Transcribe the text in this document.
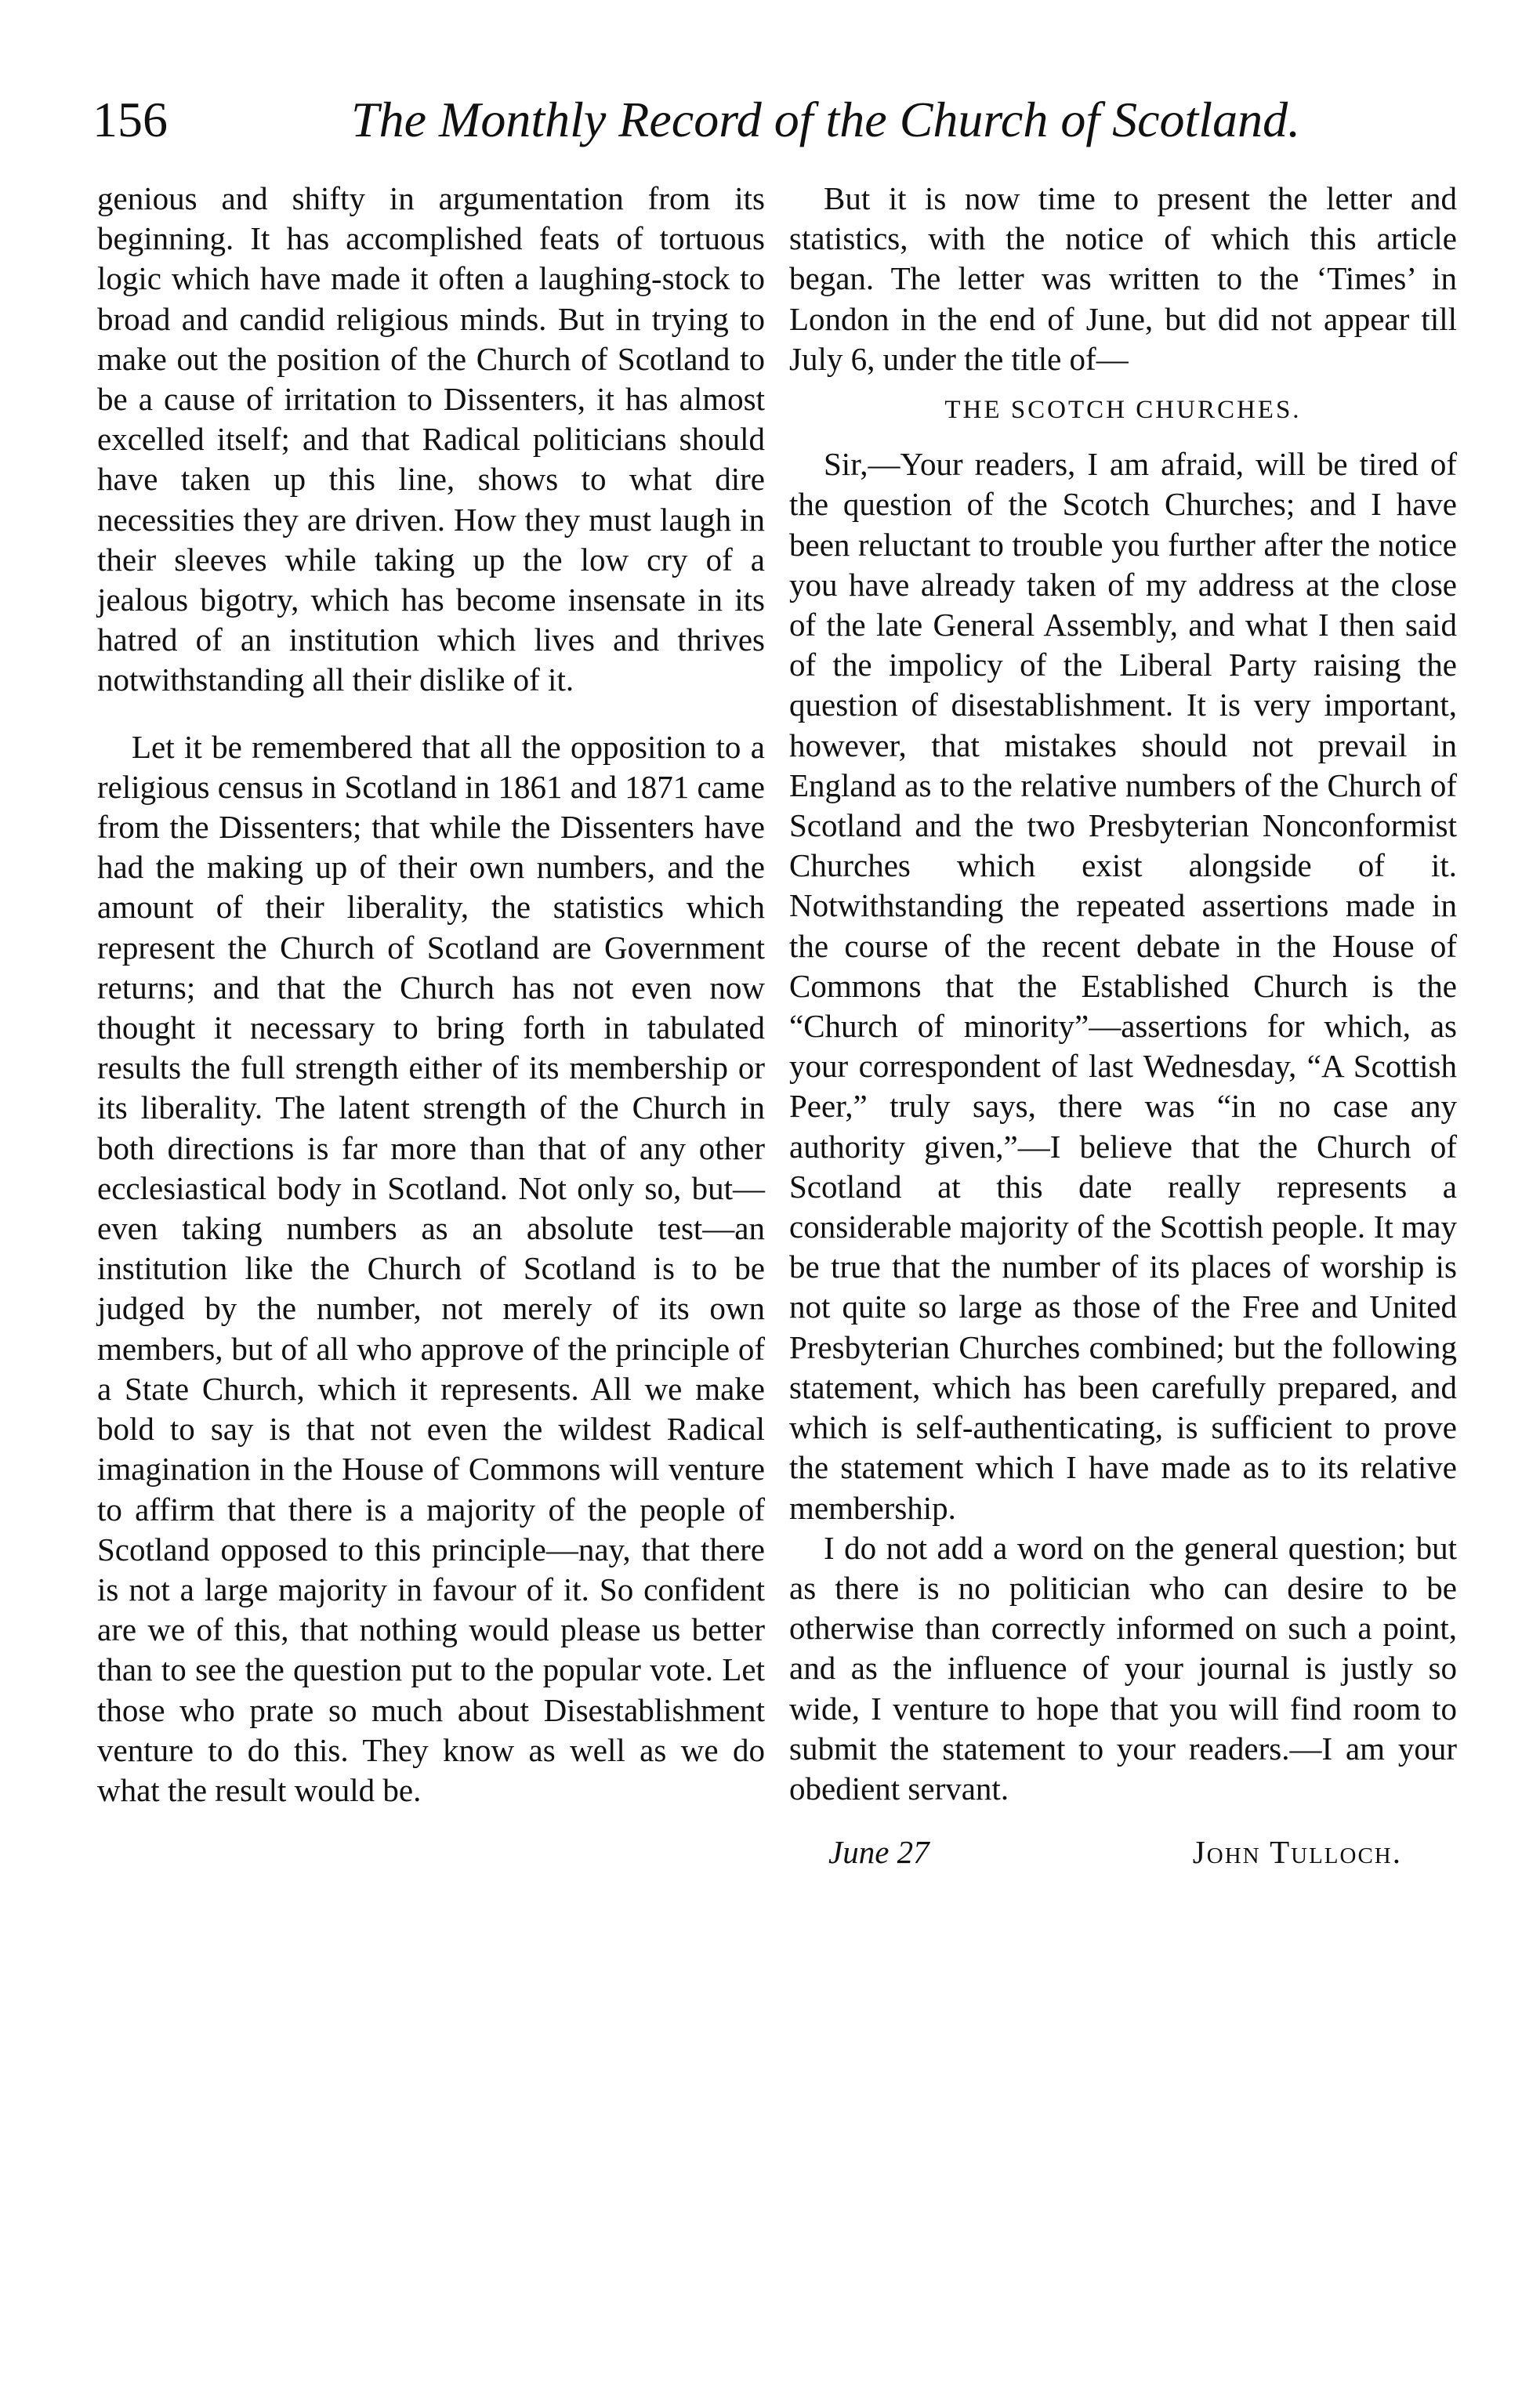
156	The Monthly Record of the Church of Scotland.

genious and shifty in argumentation from its beginning. It has accomplished feats of tortuous logic which have made it often a laughing-stock to broad and candid religious minds. But in trying to make out the position of the Church of Scotland to be a cause of irritation to Dissenters, it has almost excelled itself; and that Radical politicians should have taken up this line, shows to what dire necessities they are driven. How they must laugh in their sleeves while taking up the low cry of a jealous bigotry, which has become insensate in its hatred of an institution which lives and thrives notwithstanding all their dislike of it.

Let it be remembered that all the opposition to a religious census in Scotland in 1861 and 1871 came from the Dissenters; that while the Dissenters have had the making up of their own numbers, and the amount of their liberality, the statistics which represent the Church of Scotland are Government returns; and that the Church has not even now thought it necessary to bring forth in tabulated results the full strength either of its membership or its liberality. The latent strength of the Church in both directions is far more than that of any other ecclesiastical body in Scotland. Not only so, but—even taking numbers as an absolute test—an institution like the Church of Scotland is to be judged by the number, not merely of its own members, but of all who approve of the principle of a State Church, which it represents. All we make bold to say is that not even the wildest Radical imagination in the House of Commons will venture to affirm that there is a majority of the people of Scotland opposed to this principle—nay, that there is not a large majority in favour of it. So confident are we of this, that nothing would please us better than to see the question put to the popular vote. Let those who prate so much about Disestablishment venture to do this. They know as well as we do what the result would be.

But it is now time to present the letter and statistics, with the notice of which this article began. The letter was written to the ‘Times’ in London in the end of June, but did not appear till July 6, under the title of—

THE SCOTCH CHURCHES.

Sir,—Your readers, I am afraid, will be tired of the question of the Scotch Churches; and I have been reluctant to trouble you further after the notice you have already taken of my address at the close of the late General Assembly, and what I then said of the impolicy of the Liberal Party raising the question of disestablishment. It is very important, however, that mistakes should not prevail in England as to the relative numbers of the Church of Scotland and the two Presbyterian Nonconformist Churches which exist alongside of it. Notwithstanding the repeated assertions made in the course of the recent debate in the House of Commons that the Established Church is the “Church of minority”—assertions for which, as your correspondent of last Wednesday, “A Scottish Peer,” truly says, there was “in no case any authority given,”—I believe that the Church of Scotland at this date really represents a considerable majority of the Scottish people. It may be true that the number of its places of worship is not quite so large as those of the Free and United Presbyterian Churches combined; but the following statement, which has been carefully prepared, and which is self-authenticating, is sufficient to prove the statement which I have made as to its relative membership.

I do not add a word on the general question; but as there is no politician who can desire to be otherwise than correctly informed on such a point, and as the influence of your journal is justly so wide, I venture to hope that you will find room to submit the statement to your readers.—I am your obedient servant.

June 27	John Tulloch.
